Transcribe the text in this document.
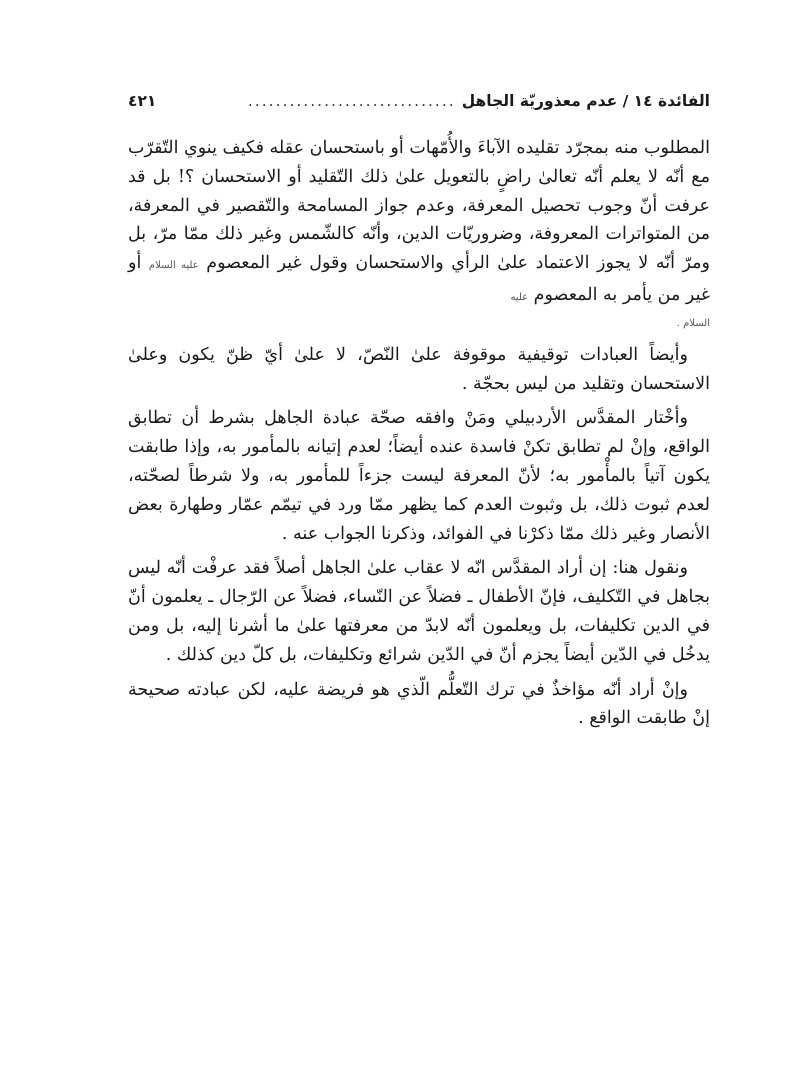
الفائدة ١٤ / عدم معذوريّة الجاهل
..............................
٤٢١

المطلوب منه بمجرّد تقليده الآباءَ والأُمّهات أو باستحسان عقله فكيف ينوي التّقرّب مع أنّه لا يعلم أنّه تعالىٰ راضٍ بالتعويل علىٰ ذلك التّقليد أو الاستحسان ؟! بل قد عرفت أنّ وجوب تحصيل المعرفة، وعدم جواز المسامحة والتّقصير في المعرفة، من المتواترات المعروفة، وضروريّات الدين، وأنّه كالشّمس وغير ذلك ممّا مرّ، بل ومرّ أنّه لا يجوز الاعتماد علىٰ الرأي والاستحسان وقول غير المعصوم عليه السلام أو غير من يأمر به المعصوم عليه
السلام .

وأيضاً العبادات توقيفية موقوفة علىٰ النّصّ، لا علىٰ أيّ ظنّ يكون وعلىٰ الاستحسان وتقليد من ليس بحجّة .

وأخْتار المقدَّس الأردبيلي ومَنْ وافقه صحّة عبادة الجاهل بشرط أن تطابق الواقع، وإنْ لم تطابق تكنْ فاسدة عنده أيضاً؛ لعدم إتيانه بالمأمور به، وإذا طابقت يكون آتياً بالمأْمور به؛ لأنّ المعرفة ليست جزءاً للمأمور به، ولا شرطاً لصحّته، لعدم ثبوت ذلك، بل وثبوت العدم كما يظهر ممّا ورد في تيمّم عمّار وطهارة بعض الأنصار وغير ذلك ممّا ذكرْنا في الفوائد، وذكرنا الجواب عنه .

ونقول هنا: إن أراد المقدَّس انّه لا عقاب علىٰ الجاهل أصلاً فقد عرفْت أنّه ليس بجاهل في التّكليف، فإنّ الأطفال ـ فضلاً عن النّساء، فضلاً عن الرّجال ـ يعلمون أنّ في الدين تكليفات، بل ويعلمون أنّه لابدّ من معرفتها علىٰ ما أشرنا إليه، بل ومن يدخُل في الدّين أيضاً يجزم أنّ في الدّين شرائع وتكليفات، بل كلّ دين كذلك .

وإنْ أراد أنّه مؤاخذٌ في ترك التّعلُّم الّذي هو فريضة عليه، لكن عبادته صحيحة إنْ طابقت الواقع .
